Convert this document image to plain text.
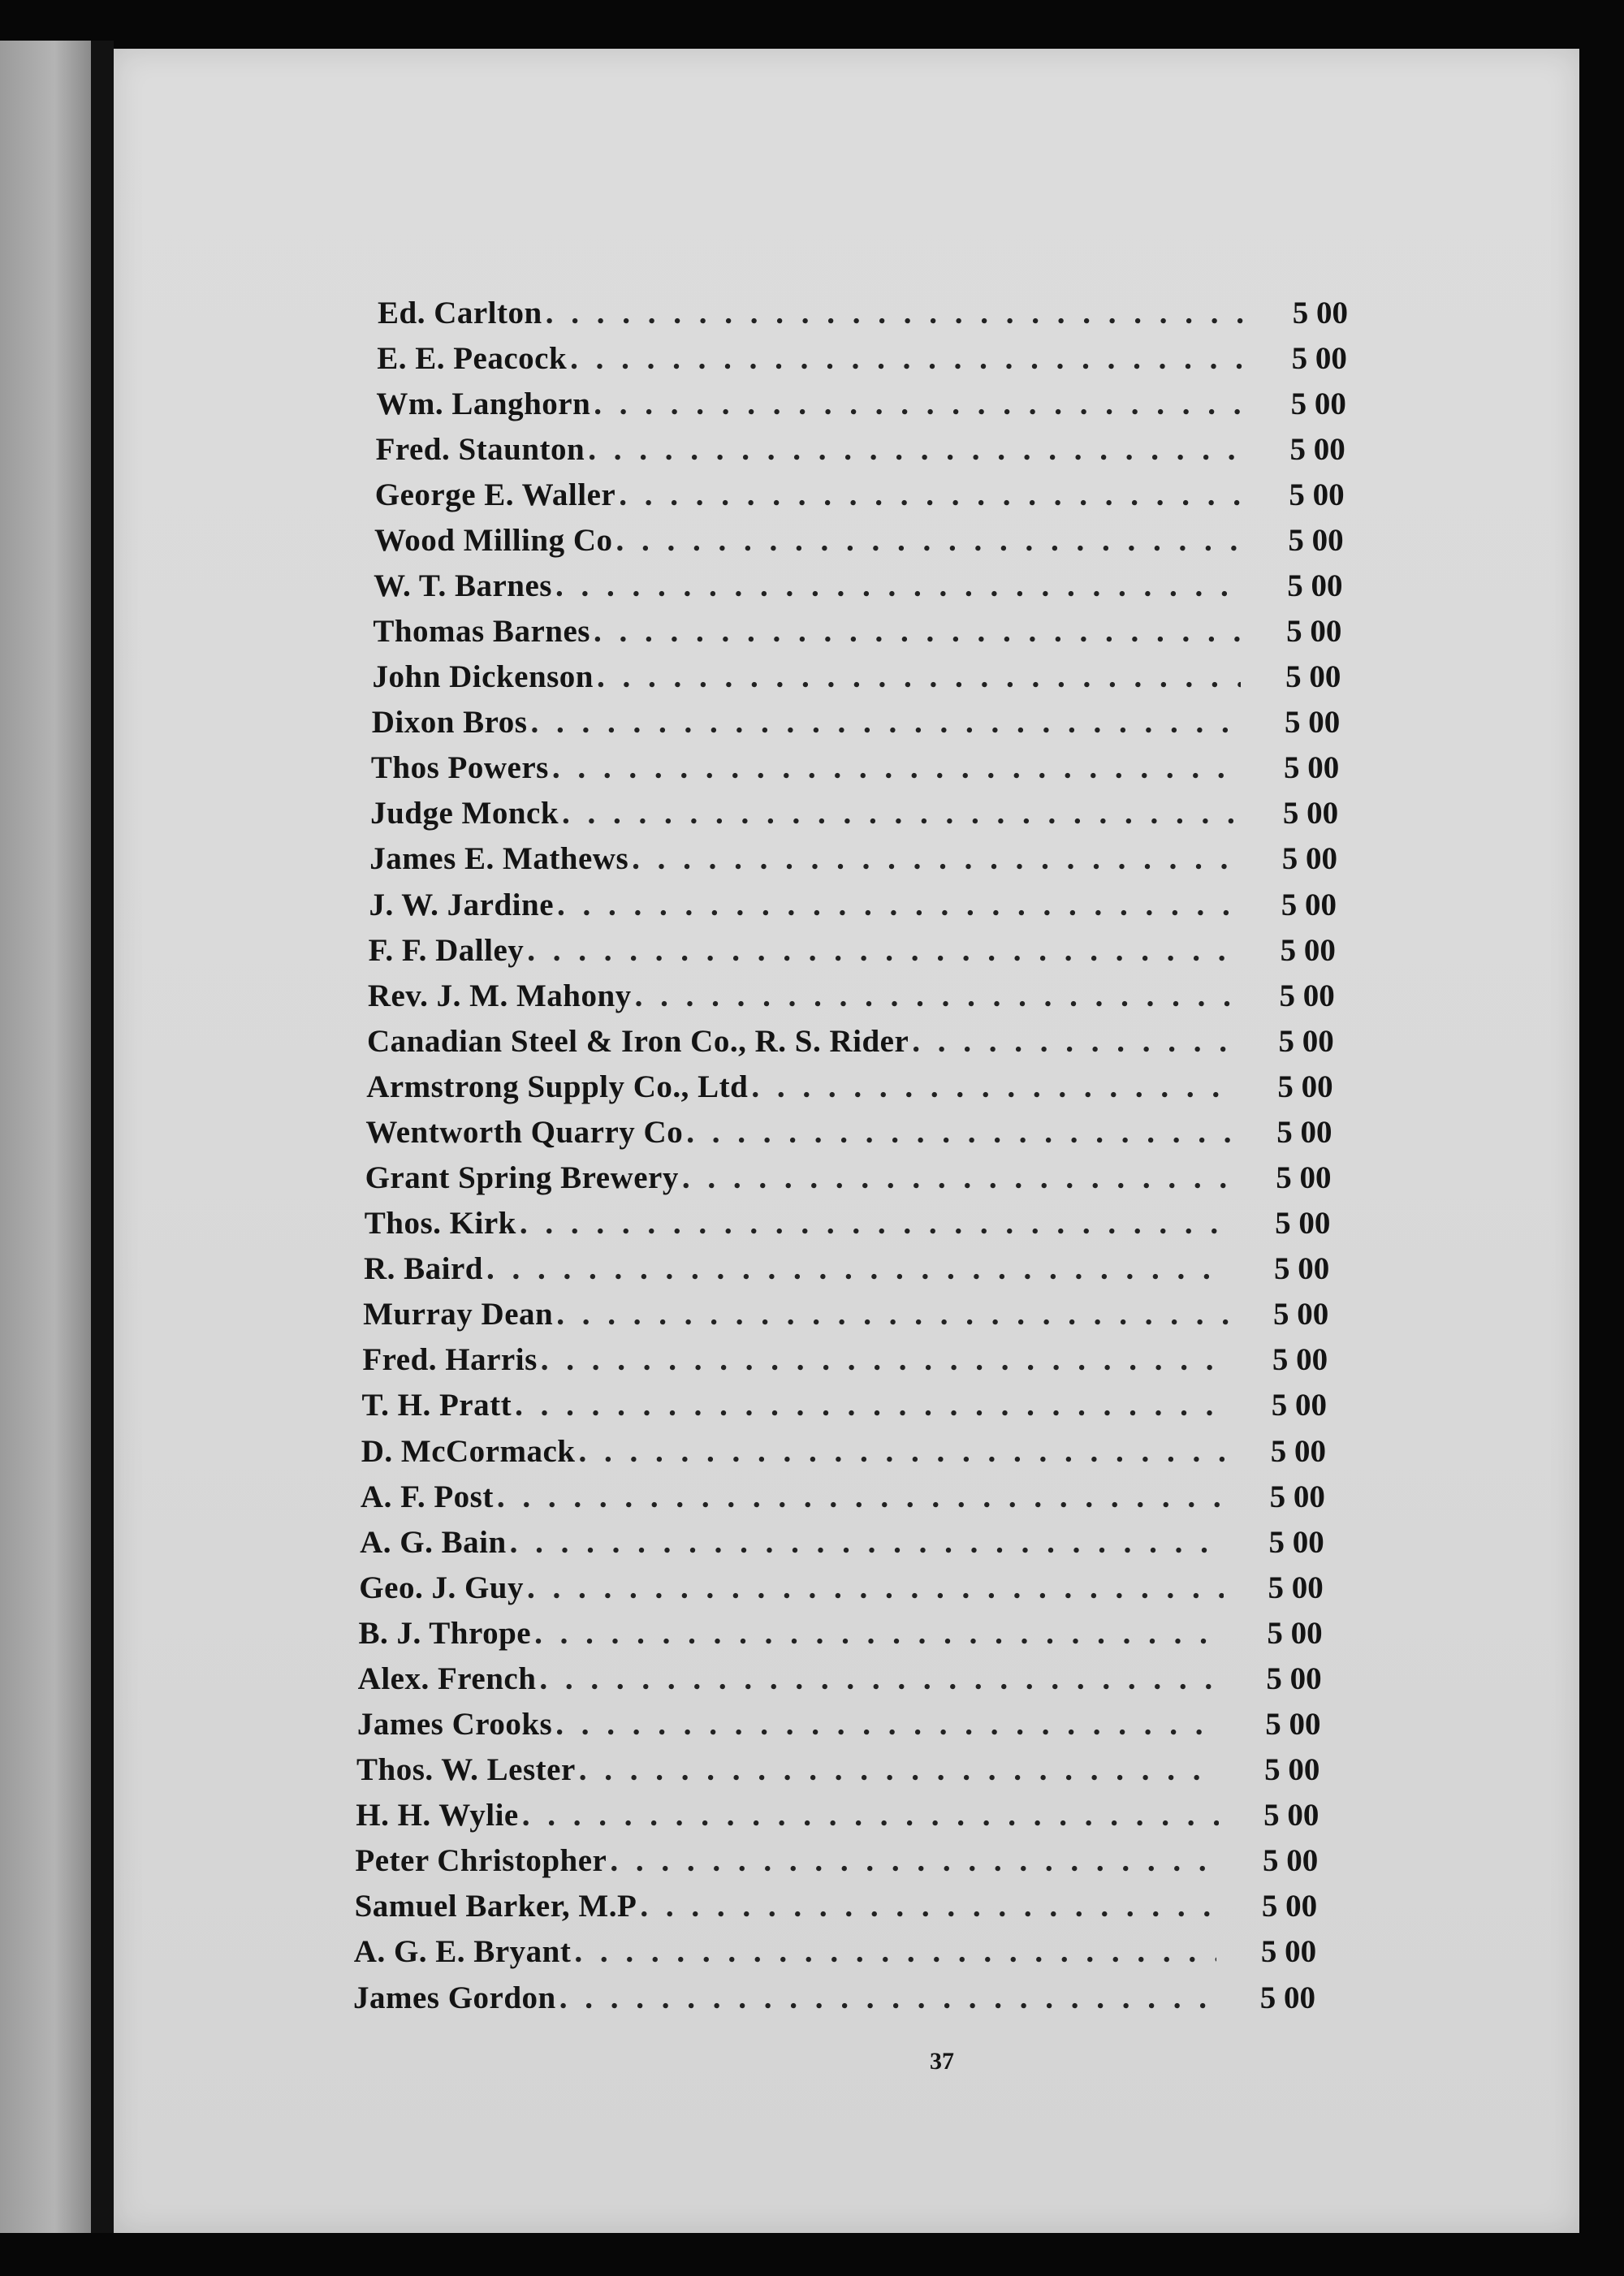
Ed. Carlton . . .	5 00
E. E. Peacock . . .	5 00
Wm. Langhorn . . .	5 00
Fred. Staunton . . .	5 00
George E. Waller . . .	5 00
Wood Milling Co . . .	5 00
W. T. Barnes . . .	5 00
Thomas Barnes . . .	5 00
John Dickenson . . .	5 00
Dixon Bros . . .	5 00
Thos Powers . . .	5 00
Judge Monck . . .	5 00
James E. Mathews . . .	5 00
J. W. Jardine . . .	5 00
F. F. Dalley . . .	5 00
Rev. J. M. Mahony . . .	5 00
Canadian Steel & Iron Co., R. S. Rider . . .	5 00
Armstrong Supply Co., Ltd . . .	5 00
Wentworth Quarry Co . . .	5 00
Grant Spring Brewery . . .	5 00
Thos. Kirk . . .	5 00
R. Baird . . .	5 00
Murray Dean . . .	5 00
Fred. Harris . . .	5 00
T. H. Pratt . . .	5 00
D. McCormack . . .	5 00
A. F. Post . . .	5 00
A. G. Bain . . .	5 00
Geo. J. Guy . . .	5 00
B. J. Thrope . . .	5 00
Alex. French . . .	5 00
James Crooks . . .	5 00
Thos. W. Lester . . .	5 00
H. H. Wylie . . .	5 00
Peter Christopher . . .	5 00
Samuel Barker, M.P . . .	5 00
A. G. E. Bryant . . .	5 00
James Gordon . . .	5 00
37
